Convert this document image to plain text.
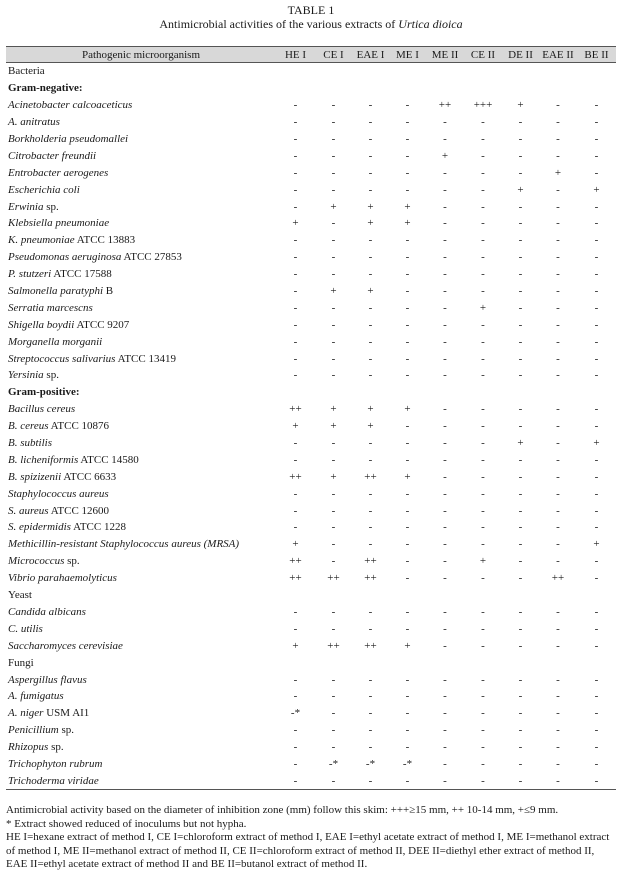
TABLE 1
Antimicrobial activities of the various extracts of Urtica dioica
Pathogenic microorganism	HE I	CE I	EAE I	ME I	ME II	CE II	DE II	EAE II	BE II
Bacteria									
Gram-negative:									
Acinetobacter calcoaceticus	-	-	-	-	++	+++	+	-	-
A. anitratus	-	-	-	-	-	-	-	-	-
Borkholderia pseudomallei	-	-	-	-	-	-	-	-	-
Citrobacter freundii	-	-	-	-	+	-	-	-	-
Entrobacter aerogenes	-	-	-	-	-	-	-	+	-
Escherichia coli	-	-	-	-	-	-	+	-	+
Erwinia sp.	-	+	+	+	-	-	-	-	-
Klebsiella pneumoniae	+	-	+	+	-	-	-	-	-
K. pneumoniae ATCC 13883	-	-	-	-	-	-	-	-	-
Pseudomonas aeruginosa ATCC 27853	-	-	-	-	-	-	-	-	-
P. stutzeri ATCC 17588	-	-	-	-	-	-	-	-	-
Salmonella paratyphi B	-	+	+	-	-	-	-	-	-
Serratia marcescns	-	-	-	-	-	+	-	-	-
Shigella boydii ATCC 9207	-	-	-	-	-	-	-	-	-
Morganella morganii	-	-	-	-	-	-	-	-	-
Streptococcus salivarius ATCC 13419	-	-	-	-	-	-	-	-	-
Yersinia sp.	-	-	-	-	-	-	-	-	-
Gram-positive:									
Bacillus cereus	++	+	+	+	-	-	-	-	-
B. cereus ATCC 10876	+	+	+	-	-	-	-	-	-
B. subtilis	-	-	-	-	-	-	+	-	+
B. licheniformis ATCC 14580	-	-	-	-	-	-	-	-	-
B. spizizenii ATCC 6633	++	+	++	+	-	-	-	-	-
Staphylococcus aureus	-	-	-	-	-	-	-	-	-
S. aureus ATCC 12600	-	-	-	-	-	-	-	-	-
S. epidermidis ATCC 1228	-	-	-	-	-	-	-	-	-
Methicillin-resistant Staphylococcus aureus (MRSA)	+	-	-	-	-	-	-	-	+
Micrococcus sp.	++	-	++	-	-	+	-	-	-
Vibrio parahaemolyticus	++	++	++	-	-	-	-	++	-
Yeast									
Candida albicans	-	-	-	-	-	-	-	-	-
C. utilis	-	-	-	-	-	-	-	-	-
Saccharomyces cerevisiae	+	++	++	+	-	-	-	-	-
Fungi									
Aspergillus flavus	-	-	-	-	-	-	-	-	-
A. fumigatus	-	-	-	-	-	-	-	-	-
A. niger USM AI1	-*	-	-	-	-	-	-	-	-
Penicillium sp.	-	-	-	-	-	-	-	-	-
Rhizopus sp.	-	-	-	-	-	-	-	-	-
Trichophyton rubrum	-	-*	-*	-*	-	-	-	-	-
Trichoderma viridae	-	-	-	-	-	-	-	-	-

Antimicrobial activity based on the diameter of inhibition zone (mm) follow this skim: +++≥15 mm, ++ 10-14 mm, +≤9 mm.

* Extract showed reduced of inoculums but not hypha.

HE I=hexane extract of method I, CE I=chloroform extract of method I, EAE I=ethyl acetate extract of method I, ME I=methanol extract of method I, ME II=methanol extract of method II, CE II=chloroform extract of method II, DEE II=diethyl ether extract of method II, EAE II=ethyl acetate extract of method II and BE II=butanol extract of method II.
